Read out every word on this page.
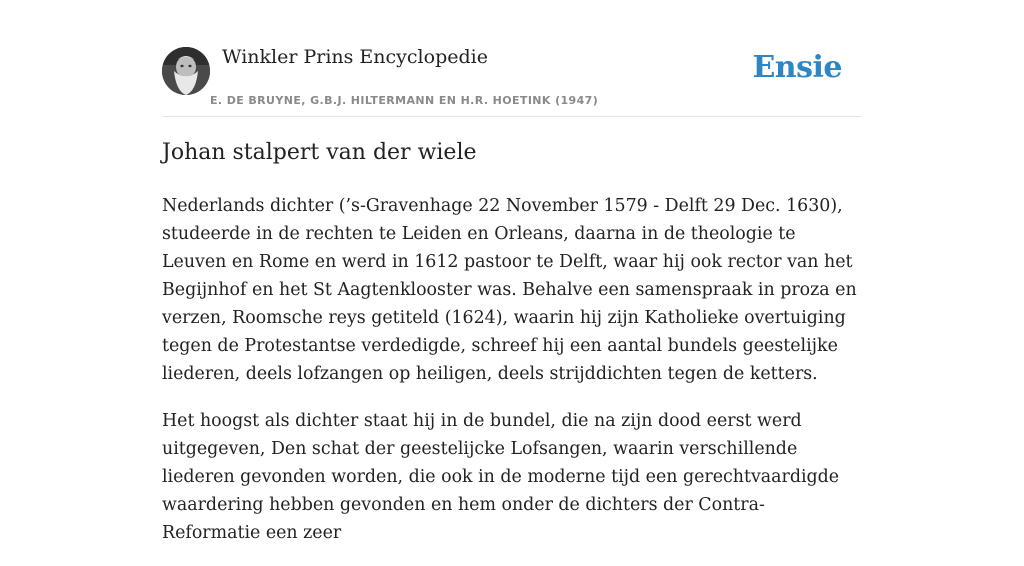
Winkler Prins Encyclopedie
E. DE BRUYNE, G.B.J. HILTERMANN EN H.R. HOETINK (1947)
Ensie
Johan stalpert van der wiele

Nederlands dichter (’s-Gravenhage 22 November 1579 - Delft 29 Dec. 1630), studeerde in de rechten te Leiden en Orleans, daarna in de theologie te Leuven en Rome en werd in 1612 pastoor te Delft, waar hij ook rector van het Begijnhof en het St Aagtenklooster was. Behalve een samenspraak in proza en verzen, Roomsche reys getiteld (1624), waarin hij zijn Katholieke overtuiging tegen de Protestantse verdedigde, schreef hij een aantal bundels geestelijke liederen, deels lofzangen op heiligen, deels strijddichten tegen de ketters.

Het hoogst als dichter staat hij in de bundel, die na zijn dood eerst werd uitgegeven, Den schat der geestelijcke Lofsangen, waarin verschillende liederen gevonden worden, die ook in de moderne tijd een gerechtvaardigde waardering hebben gevonden en hem onder de dichters der Contra-Reformatie een zeer
